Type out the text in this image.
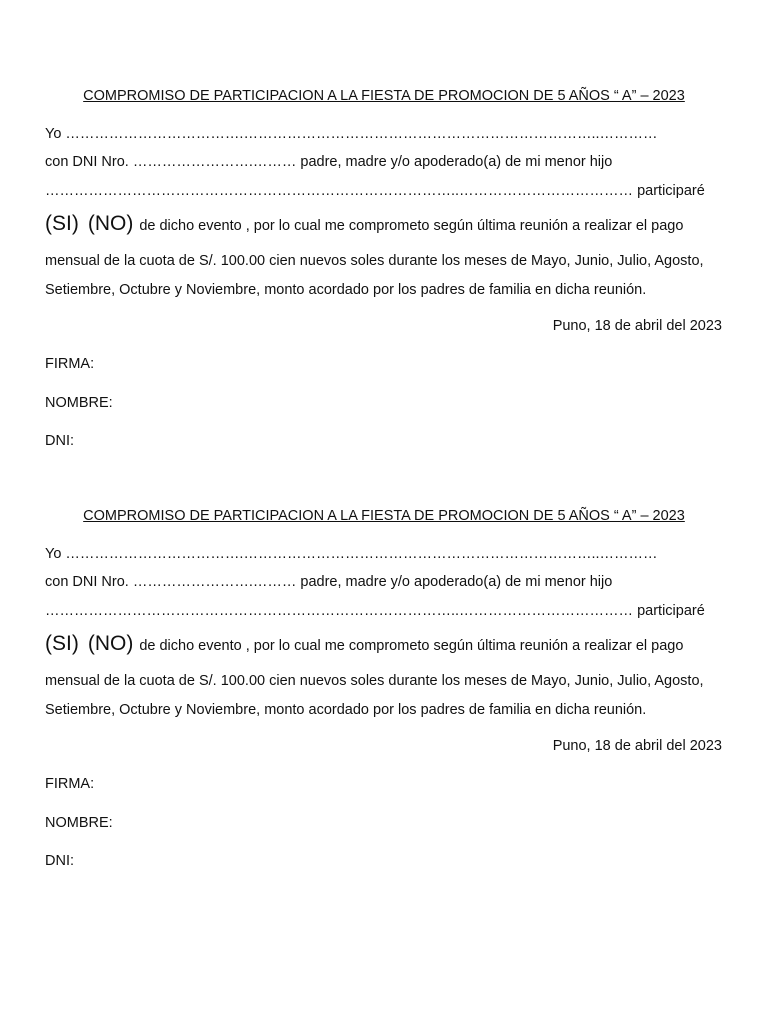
COMPROMISO DE PARTICIPACION A LA FIESTA DE PROMOCION DE 5 AÑOS “ A” – 2023
Yo ……………………………….………………………………………………………………..…………
con DNI Nro. …………………….……… padre, madre y/o apoderado(a) de mi menor hijo
…………………………………………………………………………..……………………………… participaré
(SI) (NO) de dicho evento , por lo cual me comprometo según última reunión a realizar el pago
mensual de la cuota de S/. 100.00 cien nuevos soles durante los meses de Mayo, Junio, Julio, Agosto,
Setiembre, Octubre y Noviembre, monto acordado por los padres de familia en dicha reunión.
Puno, 18 de abril del 2023
FIRMA:
NOMBRE:
DNI:
COMPROMISO DE PARTICIPACION A LA FIESTA DE PROMOCION DE 5 AÑOS “ A” – 2023
Yo ……………………………….………………………………………………………………..…………
con DNI Nro. …………………….……… padre, madre y/o apoderado(a) de mi menor hijo
…………………………………………………………………………..……………………………… participaré
(SI) (NO) de dicho evento , por lo cual me comprometo según última reunión a realizar el pago
mensual de la cuota de S/. 100.00 cien nuevos soles durante los meses de Mayo, Junio, Julio, Agosto,
Setiembre, Octubre y Noviembre, monto acordado por los padres de familia en dicha reunión.
Puno, 18 de abril del 2023
FIRMA:
NOMBRE:
DNI:
